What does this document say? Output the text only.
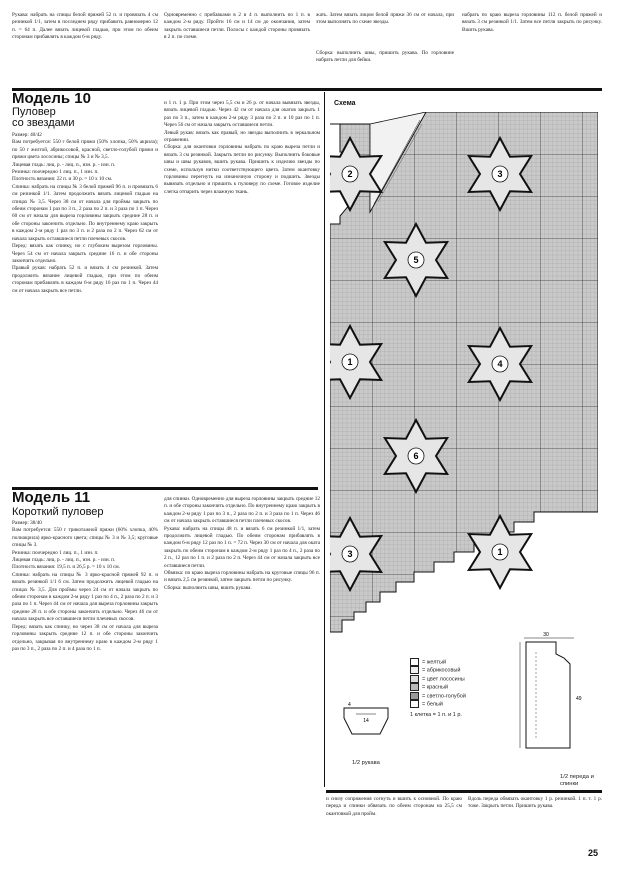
Рукава: набрать на спицы белой пряжей 52 п. и провязать 4 см резинкой 1/1, затем в последнем ряду прибавить равномерно 12 п. = 64 п. Далее вязать лицевой гладью, при этом по обеим сторонам прибавлять в каждом 6-м ряду.
Одновременно с прибавками в 2 и 4 п. выполнить по 1 п. в каждом 2-м ряду. Пройти 16 см и 14 см до окончания, затем закрыть оставшиеся петли. Полосы с каждой стороны провязать в 2 п. по схеме.
жать. Затем вязать лицом белой пряжи 36 см от начала, при этом выполнять по схеме звезды.
Сборка: выполнить швы, пришить рукава. По горловине набрать петли для бейки.
набрать по краю выреза горловины 112 п. белой пряжей и вязать 3 см резинкой 1/1. Затем все петли закрыть по рисунку. Вшить рукава.
Модель 10
Пуловер
со звездами
Размер: 40/42
Вам потребуется: 550 г белой пряжи (50% хлопка, 50% акрила); по 50 г желтой, абрикосовой, красной, светло-голубой пряжи и пряжи цвета лососины; спицы № 3 и № 3,5.
Лицевая гладь: лиц. р. - лиц. п., изн. р. - изн. п.
Резинка: поочередно 1 лиц. п., 1 изн. п.
Плотность вязания: 22 п. и 30 р. = 10 х 10 см.
Спинка: набрать на спицы № 3 белой пряжей 96 п. и провязать 6 см резинкой 1/1. Затем продолжить вязать лицевой гладью на спицах № 3,5. Через 38 см от начала для проймы закрыть по обеим сторонам 1 раз по 3 п., 2 раза по 2 п. и 3 раза по 1 п. Через 60 см от начала для выреза горловины закрыть средние 28 п. и обе стороны закончить отдельно. По внутреннему краю закрыть в каждом 2-м ряду 1 раз по 3 п. и 2 раза по 2 п. Через 62 см от начала закрыть оставшиеся петли плечевых скосов.
Перед: вязать как спинку, но с глубоким вырезом горловины. Через 54 см от начала закрыть средние 16 п. и обе стороны закончить отдельно.
Правый рукав: набрать 52 п. и вязать 4 см резинкой. Затем продолжить вязание лицевой гладью, при этом по обеим сторонам прибавлять в каждом 6-м ряду 16 раз по 1 п. Через 44 см от начала закрыть все петли.
и 1 п. 1 р. При этом через 5,5 см и 26 р. от начала вывязать звезды, вязать лицевой гладью. Через 42 см от начала для окатов закрыть 1 раз по 3 п., затем в каждом 2-м ряду 3 раза по 2 п. и 10 раз по 1 п. Через 56 см от начала закрыть оставшиеся петли.
Левый рукав: вязать как правый, но звезды выполнить в зеркальном отражении.
Сборка: для окантовки горловины набрать по краю выреза петли и вязать 3 см резинкой. Закрыть петли по рисунку. Выполнить боковые швы и швы рукавов, вшить рукава. Пришить к изделию звезды по схеме, используя нитки соответствующего цвета. Затем окантовку горловины перегнуть на изнаночную сторону и подшить. Звезды вывязать отдельно и пришить к пуловеру по схеме. Готовое изделие слегка отпарить через влажную ткань.
Модель 11
Короткий пуловер
Размер: 38/40
Вам потребуется: 550 г трикотажной пряжи (60% хлопка, 40% полиакрила) ярко-красного цвета; спицы № 3 и № 3,5; круговые спицы № 3.
Резинка: поочередно 1 лиц. п., 1 изн. п.
Лицевая гладь: лиц. р. - лиц. п., изн. р. - изн. п.
Плотность вязания: 19,5 п. и 26,5 р. = 10 х 10 см.
Спинка: набрать на спицы № 3 ярко-красной пряжей 92 п. и вязать резинкой 1/1 6 см. Затем продолжить лицевой гладью на спицах № 3,5. Для проймы через 24 см от начала закрыть по обеим сторонам в каждом 2-м ряду 1 раз по 4 п., 2 раза по 2 п. и 3 раза по 1 п. Через 44 см от начала для выреза горловины закрыть средние 28 п. и обе стороны закончить отдельно. Через 46 см от начала закрыть все оставшиеся петли плечевых скосов.
Перед: вязать как спинку, но через 38 см от начала для выреза горловины закрыть средние 12 п. и обе стороны закончить отдельно, закрывая по внутреннему краю в каждом 2-м ряду 1 раз по 3 п., 2 раза по 2 п. и 4 раза по 1 п.
для спинки. Одновременно для выреза горловины закрыть средние 12 п. и обе стороны закончить отдельно. По внутреннему краю закрыть в каждом 2-м ряду 1 раз по 3 п., 2 раза по 2 п. и 3 раза по 1 п. Через 46 см от начала закрыть оставшиеся петли плечевых скосов.
Рукава: набрать на спицы 48 п. и вязать 6 см резинкой 1/1, затем продолжить лицевой гладью. По обеим сторонам прибавлять в каждом 6-м ряду 12 раз по 1 п. = 72 п. Через 30 см от начала для оката закрыть по обеим сторонам в каждом 2-м ряду 1 раз по 4 п., 2 раза по 2 п., 12 раз по 1 п. и 2 раза по 2 п. Через 44 см от начала закрыть все оставшиеся петли.
Обвязка: по краю выреза горловины набрать на круговые спицы 96 п. и вязать 2,5 см резинкой, затем закрыть петли по рисунку.
Сборка: выполнить швы, вшить рукава.
Схема
2	3
5
1	4
6
3	1
= желтый
= абрикосовый
= цвет лососины
= красный
= светло-голубой
= белый
1 клетка = 1 п. и 1 р.
14
4
1/2 рукава
30
49
1/2 переда и спинки
и снизу сопряжения согнуть и вшить к основной. По краю переда и спинки обвязать по обеим сторонам на 25,5 см окантовкой для пройм.
Вдоль переда обвязать окантовку 1 р. резинкой. 1 п. т. 1 р. тоже. Закрыть петли. Пришить рукава.
25
